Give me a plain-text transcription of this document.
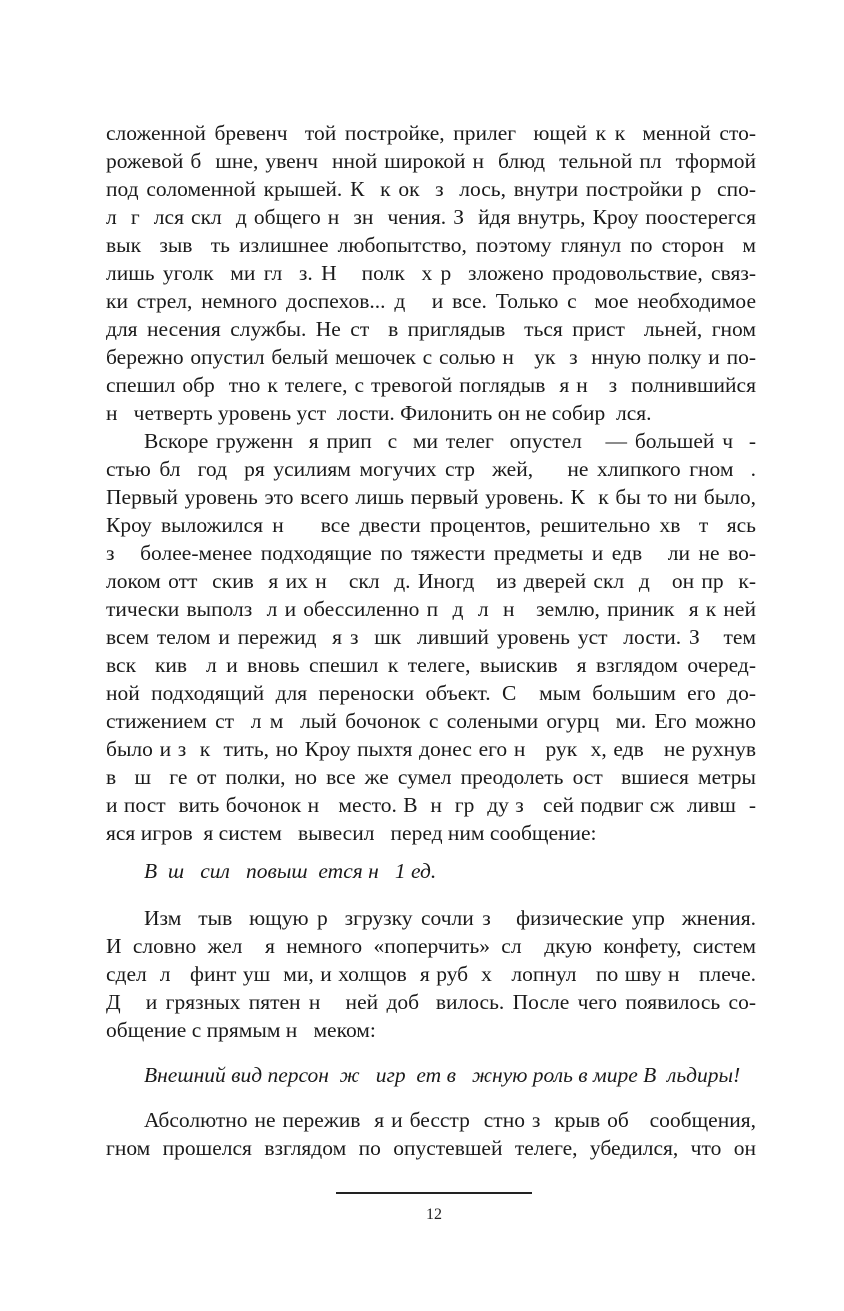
сложенной бревенч  той постройке, прилег  ющей к к  менной сто-
рожевой б  шне, увенч  нной широкой н  блюд  тельной пл  тформой
под соломенной крышей. К  к ок  з  лось, внутри постройки р  спо-
л  г  лся скл  д общего н  зн  чения. З  йдя внутрь, Кроу поостерегся
вык  зыв  ть излишнее любопытство, поэтому глянул по сторон  м
лишь уголк  ми гл  з. Н   полк  х р  зложено продовольствие, связ-
ки стрел, немного доспехов... д   и все. Только с  мое необходимое
для несения службы. Не ст  в приглядыв  ться прист  льней, гном
бережно опустил белый мешочек с солью н   ук  з  нную полку и по-
спешил обр  тно к телеге, с тревогой поглядыв  я н   з  полнившийся
н   четверть уровень уст  лости. Филонить он не собир  лся.
Вскоре груженн  я прип  с  ми телег  опустел   — большей ч  -
стью бл  год  ря усилиям могучих стр  жей,    не хлипкого гном  .
Первый уровень это всего лишь первый уровень. К  к бы то ни было,
Кроу выложился н    все двести процентов, решительно хв  т  ясь
з   более-менее подходящие по тяжести предметы и едв   ли не во-
локом отт  скив  я их н   скл  д. Иногд   из дверей скл  д   он пр  к-
тически выполз  л и обессиленно п  д  л  н   землю, приник  я к ней
всем телом и пережид  я з  шк  ливший уровень уст  лости. З   тем
вск  кив  л и вновь спешил к телеге, выискив  я взглядом очеред-
ной подходящий для переноски объект. С  мым большим его до-
стижением ст  л м  лый бочонок с солеными огурц  ми. Его можно
было и з  к  тить, но Кроу пыхтя донес его н   рук  х, едв   не рухнув
в  ш  ге от полки, но все же сумел преодолеть ост  вшиеся метры
и пост  вить бочонок н   место. В  н  гр  ду з   сей подвиг сж  ливш  -
яся игров  я систем   вывесил   перед ним сообщение:
В  ш   сил   повыш  ется н   1 ед.
Изм  тыв  ющую р  згрузку сочли з   физические упр  жнения.
И словно жел  я немного «поперчить» сл  дкую конфету, систем
сдел  л   финт уш  ми, и холщов  я руб  х   лопнул   по шву н   плече.
Д   и грязных пятен н   ней доб  вилось. После чего появилось со-
общение с прямым н   меком:
Внешний вид персон  ж   игр  ет в   жную роль в мире В  льдиры!
Абсолютно не пережив  я и бесстр  стно з  крыв об   сообщения,
гном прошелся взглядом по опустевшей телеге, убедился, что он
12
